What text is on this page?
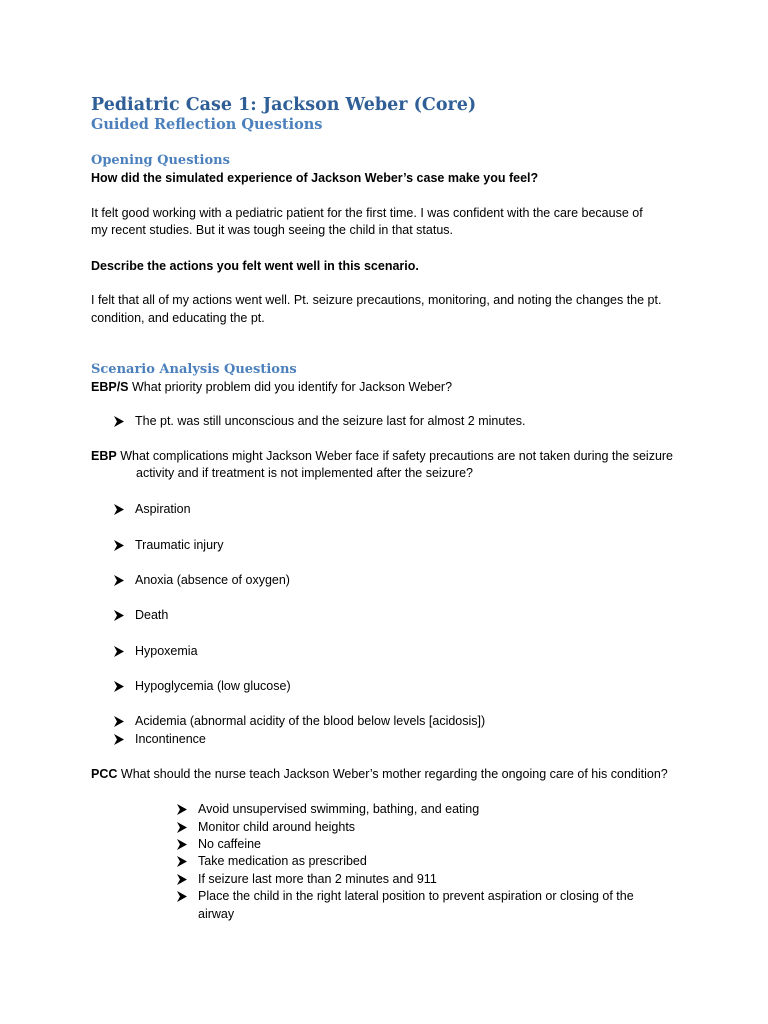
Pediatric Case 1: Jackson Weber (Core)
Guided Reflection Questions
Opening Questions

How did the simulated experience of Jackson Weber’s case make you feel?

It felt good working with a pediatric patient for the first time. I was confident with the care because of

my recent studies. But it was tough seeing the child in that status.

Describe the actions you felt went well in this scenario.

I felt that all of my actions went well. Pt. seizure precautions, monitoring, and noting the changes the pt.

condition, and educating the pt.

Scenario Analysis Questions

EBP/S What priority problem did you identify for Jackson Weber?

The pt. was still unconscious and the seizure last for almost 2 minutes.

EBP What complications might Jackson Weber face if safety precautions are not taken during the seizure

activity and if treatment is not implemented after the seizure?

Aspiration
Traumatic injury
Anoxia (absence of oxygen)
Death
Hypoxemia
Hypoglycemia (low glucose)
Acidemia (abnormal acidity of the blood below levels [acidosis])
Incontinence

PCC What should the nurse teach Jackson Weber’s mother regarding the ongoing care of his condition?

Avoid unsupervised swimming, bathing, and eating
Monitor child around heights
No caffeine
Take medication as prescribed
If seizure last more than 2 minutes and 911
Place the child in the right lateral position to prevent aspiration or closing of the airway
